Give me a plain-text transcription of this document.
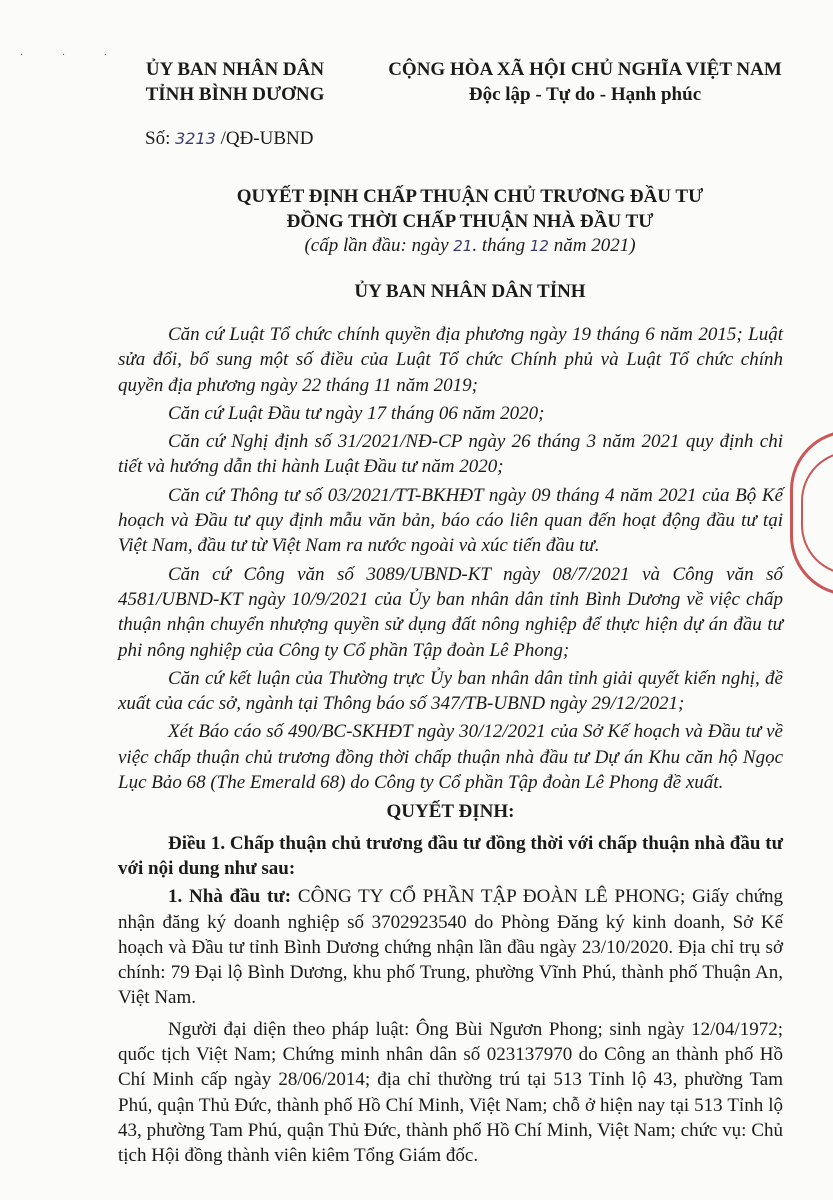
· · ·
ỦY BAN NHÂN DÂN
TỈNH BÌNH DƯƠNG
CỘNG HÒA XÃ HỘI CHỦ NGHĨA VIỆT NAM
Độc lập - Tự do - Hạnh phúc
Số: 3213 /QĐ-UBND
QUYẾT ĐỊNH CHẤP THUẬN CHỦ TRƯƠNG ĐẦU TƯ
ĐỒNG THỜI CHẤP THUẬN NHÀ ĐẦU TƯ
(cấp lần đầu: ngày 21. tháng 12 năm 2021)
ỦY BAN NHÂN DÂN TỈNH

Căn cứ Luật Tổ chức chính quyền địa phương ngày 19 tháng 6 năm 2015; Luật sửa đổi, bổ sung một số điều của Luật Tổ chức Chính phủ và Luật Tổ chức chính quyền địa phương ngày 22 tháng 11 năm 2019;

Căn cứ Luật Đầu tư ngày 17 tháng 06 năm 2020;

Căn cứ Nghị định số 31/2021/NĐ-CP ngày 26 tháng 3 năm 2021 quy định chi tiết và hướng dẫn thi hành Luật Đầu tư năm 2020;

Căn cứ Thông tư số 03/2021/TT-BKHĐT ngày 09 tháng 4 năm 2021 của Bộ Kế hoạch và Đầu tư quy định mẫu văn bản, báo cáo liên quan đến hoạt động đầu tư tại Việt Nam, đầu tư từ Việt Nam ra nước ngoài và xúc tiến đầu tư.

Căn cứ Công văn số 3089/UBND-KT ngày 08/7/2021 và Công văn số 4581/UBND-KT ngày 10/9/2021 của Ủy ban nhân dân tỉnh Bình Dương về việc chấp thuận nhận chuyển nhượng quyền sử dụng đất nông nghiệp để thực hiện dự án đầu tư phi nông nghiệp của Công ty Cổ phần Tập đoàn Lê Phong;

Căn cứ kết luận của Thường trực Ủy ban nhân dân tỉnh giải quyết kiến nghị, đề xuất của các sở, ngành tại Thông báo số 347/TB-UBND ngày 29/12/2021;

Xét Báo cáo số 490/BC-SKHĐT ngày 30/12/2021 của Sở Kế hoạch và Đầu tư về việc chấp thuận chủ trương đồng thời chấp thuận nhà đầu tư Dự án Khu căn hộ Ngọc Lục Bảo 68 (The Emerald 68) do Công ty Cổ phần Tập đoàn Lê Phong đề xuất.

QUYẾT ĐỊNH:

Điều 1. Chấp thuận chủ trương đầu tư đồng thời với chấp thuận nhà đầu tư với nội dung như sau:

1. Nhà đầu tư: CÔNG TY CỔ PHẦN TẬP ĐOÀN LÊ PHONG; Giấy chứng nhận đăng ký doanh nghiệp số 3702923540 do Phòng Đăng ký kinh doanh, Sở Kế hoạch và Đầu tư tỉnh Bình Dương chứng nhận lần đầu ngày 23/10/2020. Địa chỉ trụ sở chính: 79 Đại lộ Bình Dương, khu phố Trung, phường Vĩnh Phú, thành phố Thuận An, Việt Nam.

Người đại diện theo pháp luật: Ông Bùi Ngươn Phong; sinh ngày 12/04/1972; quốc tịch Việt Nam; Chứng minh nhân dân số 023137970 do Công an thành phố Hồ Chí Minh cấp ngày 28/06/2014; địa chỉ thường trú tại 513 Tỉnh lộ 43, phường Tam Phú, quận Thủ Đức, thành phố Hồ Chí Minh, Việt Nam; chỗ ở hiện nay tại 513 Tỉnh lộ 43, phường Tam Phú, quận Thủ Đức, thành phố Hồ Chí Minh, Việt Nam; chức vụ: Chủ tịch Hội đồng thành viên kiêm Tổng Giám đốc.
